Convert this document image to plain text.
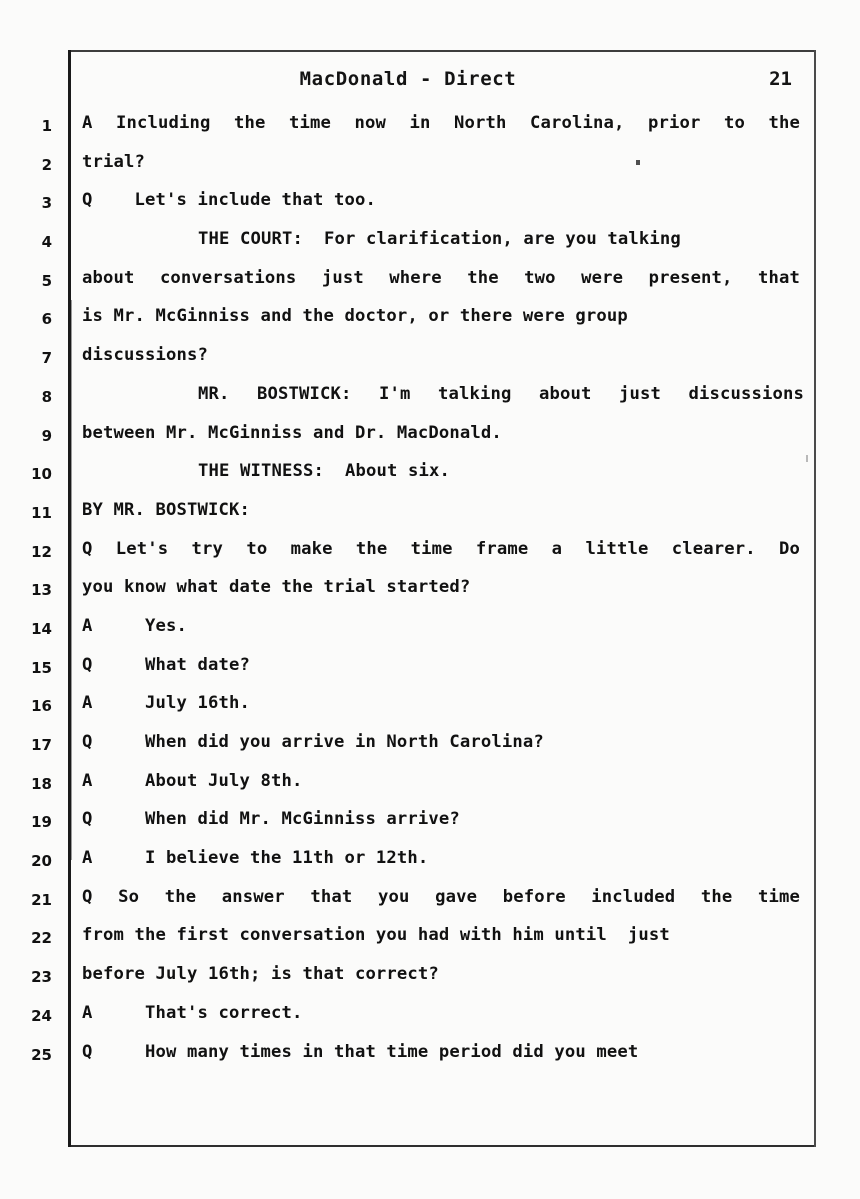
MacDonald - Direct	21
1 A Including the time now in North Carolina, prior to the
2 trial?
3 Q    Let's include that too.
4	THE COURT:  For clarification, are you talking
5 about conversations just where the two were present, that
6 is Mr. McGinniss and the doctor, or there were group
7 discussions?
8	MR. BOSTWICK: I'm talking about just discussions
9 between Mr. McGinniss and Dr. MacDonald.
10	THE WITNESS:  About six.
11 BY MR. BOSTWICK:
12 Q Let's try to make the time frame a little clearer. Do
13 you know what date the trial started?
14 A     Yes.
15 Q     What date?
16 A     July 16th.
17 Q     When did you arrive in North Carolina?
18 A     About July 8th.
19 Q     When did Mr. McGinniss arrive?
20 A     I believe the 11th or 12th.
21 Q So the answer that you gave before included the time
22 from the first conversation you had with him until  just
23 before July 16th; is that correct?
24 A     That's correct.
25 Q     How many times in that time period did you meet
